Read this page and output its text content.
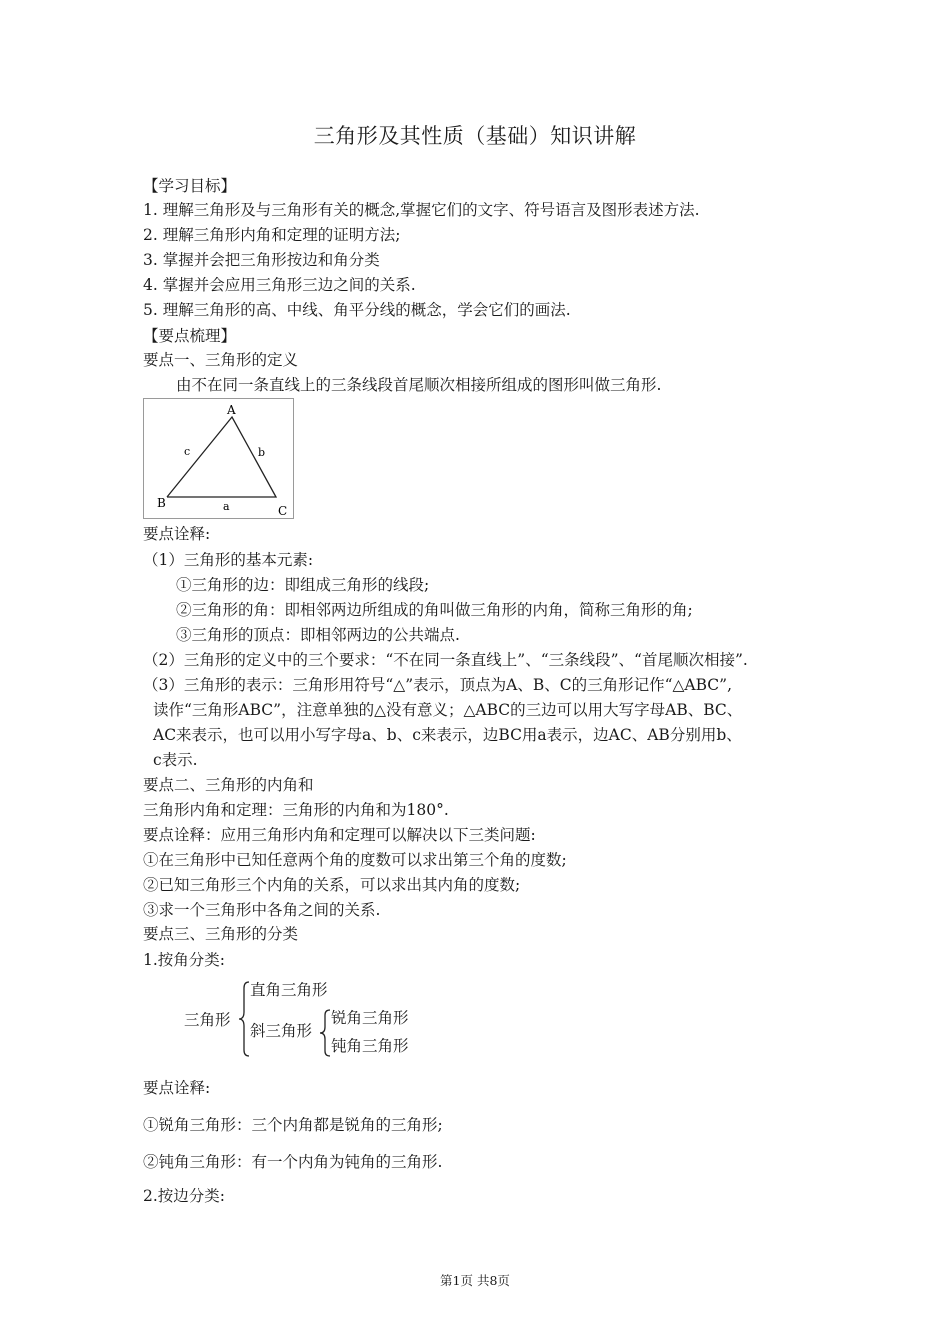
三角形及其性质（基础）知识讲解
【学习目标】
1. 理解三角形及与三角形有关的概念,掌握它们的文字、符号语言及图形表述方法.
2. 理解三角形内角和定理的证明方法;
3. 掌握并会把三角形按边和角分类
4. 掌握并会应用三角形三边之间的关系.
5. 理解三角形的高、中线、角平分线的概念，学会它们的画法.
【要点梳理】
要点一、三角形的定义
由不在同一条直线上的三条线段首尾顺次相接所组成的图形叫做三角形.
A
B
C
a
b
c
要点诠释:
（1）三角形的基本元素:
①三角形的边：即组成三角形的线段;
②三角形的角：即相邻两边所组成的角叫做三角形的内角，简称三角形的角;
③三角形的顶点：即相邻两边的公共端点.
（2）三角形的定义中的三个要求：“不在同一条直线上”、“三条线段”、“首尾顺次相接”.
（3）三角形的表示：三角形用符号“△”表示，顶点为A、B、C的三角形记作“△ABC”,
读作“三角形ABC”，注意单独的△没有意义；△ABC的三边可以用大写字母AB、BC、
AC来表示，也可以用小写字母a、b、c来表示，边BC用a表示，边AC、AB分别用b、
c表示.
要点二、三角形的内角和
三角形内角和定理：三角形的内角和为180°.
要点诠释：应用三角形内角和定理可以解决以下三类问题:
①在三角形中已知任意两个角的度数可以求出第三个角的度数;
②已知三角形三个内角的关系，可以求出其内角的度数;
③求一个三角形中各角之间的关系.
要点三、三角形的分类
1.按角分类:
三角形
直角三角形
斜三角形
锐角三角形
钝角三角形
要点诠释:
①锐角三角形：三个内角都是锐角的三角形;
②钝角三角形：有一个内角为钝角的三角形.
2.按边分类:
第1页 共8页
